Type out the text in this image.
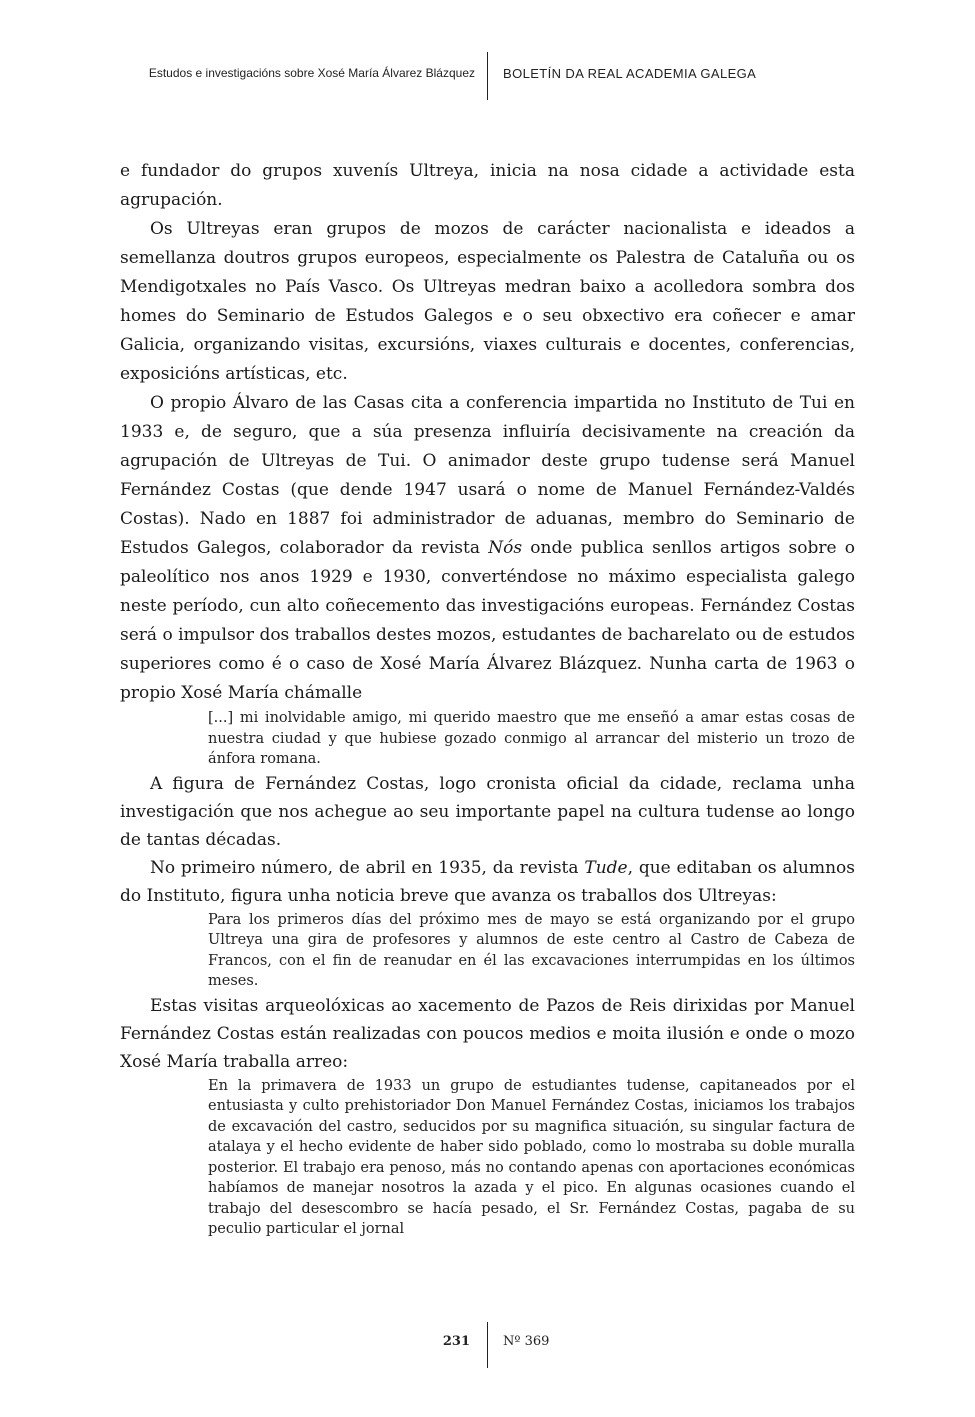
Estudos e investigacións sobre Xosé María Álvarez Blázquez BOLETÍN DA REAL ACADEMIA GALEGA

e fundador do grupos xuvenís Ultreya, inicia na nosa cidade a actividade esta agrupación.

Os Ultreyas eran grupos de mozos de carácter nacionalista e ideados a semellanza doutros grupos europeos, especialmente os Palestra de Cataluña ou os Mendigotxales no País Vasco. Os Ultreyas medran baixo a acolledora sombra dos homes do Seminario de Estudos Galegos e o seu obxectivo era coñecer e amar Galicia, organizando visitas, excursións, viaxes culturais e docentes, conferencias, exposicións artísticas, etc.

O propio Álvaro de las Casas cita a conferencia impartida no Instituto de Tui en 1933 e, de seguro, que a súa presenza influiría decisivamente na creación da agrupación de Ultreyas de Tui. O animador deste grupo tudense será Manuel Fernández Costas (que dende 1947 usará o nome de Manuel Fernández-Valdés Costas). Nado en 1887 foi administrador de aduanas, membro do Seminario de Estudos Galegos, colaborador da revista Nós onde publica senllos artigos sobre o paleolítico nos anos 1929 e 1930, converténdose no máximo especialista galego neste período, cun alto coñecemento das investigacións europeas. Fernández Costas será o impulsor dos traballos destes mozos, estudantes de bacharelato ou de estudos superiores como é o caso de Xosé María Álvarez Blázquez. Nunha carta de 1963 o propio Xosé María chámalle

[...] mi inolvidable amigo, mi querido maestro que me enseñó a amar estas cosas de nuestra ciudad y que hubiese gozado conmigo al arrancar del misterio un trozo de ánfora romana.

A figura de Fernández Costas, logo cronista oficial da cidade, reclama unha investigación que nos achegue ao seu importante papel na cultura tudense ao longo de tantas décadas.

No primeiro número, de abril en 1935, da revista Tude, que editaban os alumnos do Instituto, figura unha noticia breve que avanza os traballos dos Ultreyas:

Para los primeros días del próximo mes de mayo se está organizando por el grupo Ultreya una gira de profesores y alumnos de este centro al Castro de Cabeza de Francos, con el fin de reanudar en él las excavaciones interrumpidas en los últimos meses.

Estas visitas arqueolóxicas ao xacemento de Pazos de Reis dirixidas por Manuel Fernández Costas están realizadas con poucos medios e moita ilusión e onde o mozo Xosé María traballa arreo:

En la primavera de 1933 un grupo de estudiantes tudense, capitaneados por el entusiasta y culto prehistoriador Don Manuel Fernández Costas, iniciamos los trabajos de excavación del castro, seducidos por su magnifica situación, su singular factura de atalaya y el hecho evidente de haber sido poblado, como lo mostraba su doble muralla posterior. El trabajo era penoso, más no contando apenas con aportaciones económicas habíamos de manejar nosotros la azada y el pico. En algunas ocasiones cuando el trabajo del desescombro se hacía pesado, el Sr. Fernández Costas, pagaba de su peculio particular el jornal

231	Nº 369
